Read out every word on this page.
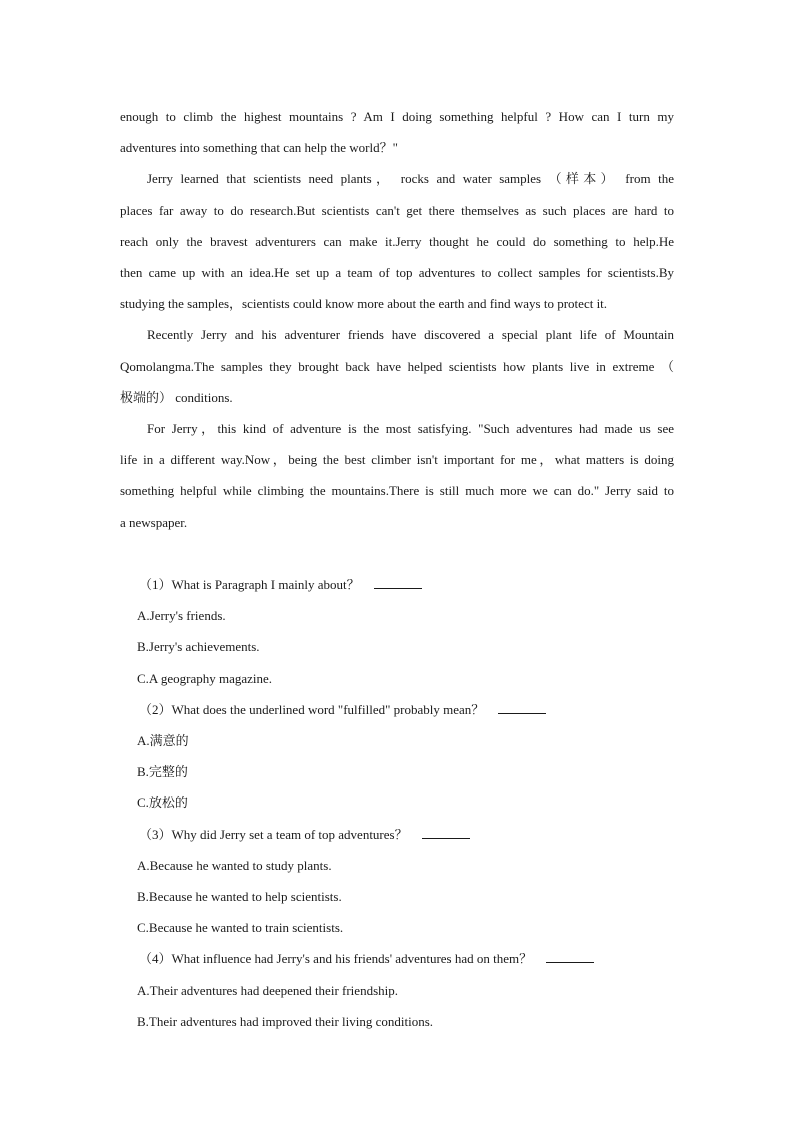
enough to climb the highest mountains ? Am I doing something helpful ? How can I turn my

adventures into something that can help the world？"

Jerry learned that scientists need plants， rocks and water samples （样本） from the

places far away to do research.But scientists can't get there themselves as such places are hard to

reach only the bravest adventurers can make it.Jerry thought he could do something to help.He

then came up with an idea.He set up a team of top adventures to collect samples for scientists.By

studying the samples，scientists could know more about the earth and find ways to protect it.

Recently Jerry and his adventurer friends have discovered a special plant life of Mountain

Qomolangma.The samples they brought back have helped scientists how plants live in extreme （

极端的） conditions.

For Jerry，this kind of adventure is the most satisfying. "Such adventures had made us see

life in a different way.Now，being the best climber isn't important for me，what matters is doing

something helpful while climbing the mountains.There is still much more we can do." Jerry said to

a newspaper.

（1）What is Paragraph I mainly about？

A.Jerry's friends.

B.Jerry's achievements.

C.A geography magazine.

（2）What does the underlined word "fulfilled" probably mean？

A.满意的

B.完整的

C.放松的

（3）Why did Jerry set a team of top adventures？

A.Because he wanted to study plants.

B.Because he wanted to help scientists.

C.Because he wanted to train scientists.

（4）What influence had Jerry's and his friends' adventures had on them？

A.Their adventures had deepened their friendship.

B.Their adventures had improved their living conditions.
